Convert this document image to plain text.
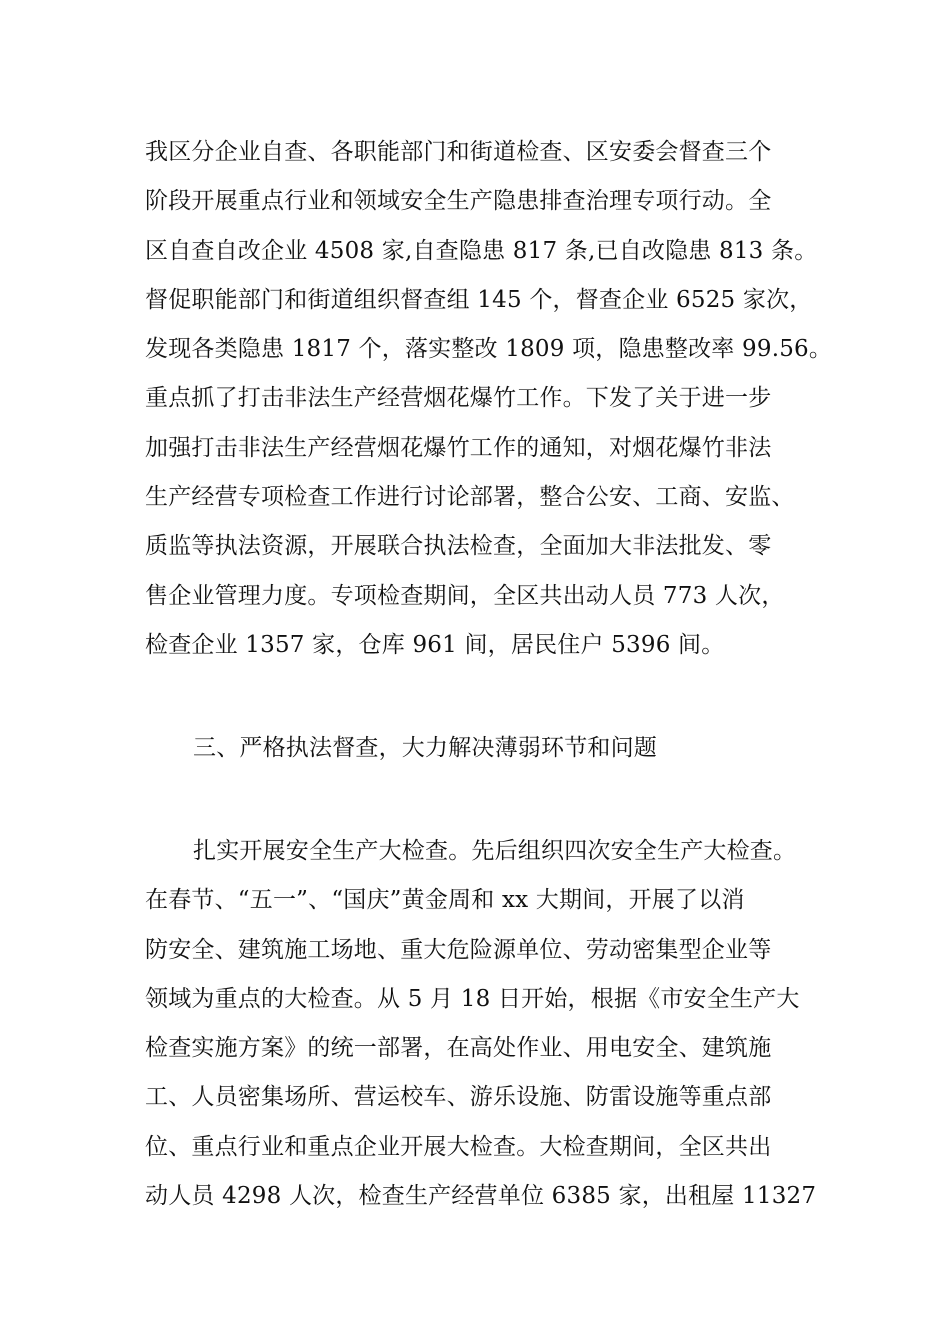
我区分企业自查、各职能部门和街道检查、区安委会督查三个
阶段开展重点行业和领域安全生产隐患排查治理专项行动。全
区自查自改企业 4508 家,自查隐患 817 条,已自改隐患 813 条。
督促职能部门和街道组织督查组 145 个，督查企业 6525 家次，
发现各类隐患 1817 个，落实整改 1809 项，隐患整改率 99.56。
重点抓了打击非法生产经营烟花爆竹工作。下发了关于进一步
加强打击非法生产经营烟花爆竹工作的通知，对烟花爆竹非法
生产经营专项检查工作进行讨论部署，整合公安、工商、安监、
质监等执法资源，开展联合执法检查，全面加大非法批发、零
售企业管理力度。专项检查期间，全区共出动人员 773 人次，
检查企业 1357 家，仓库 961 间，居民住户 5396 间。
三、严格执法督查，大力解决薄弱环节和问题
扎实开展安全生产大检查。先后组织四次安全生产大检查。
在春节、“五一”、“国庆”黄金周和 xx 大期间，开展了以消
防安全、建筑施工场地、重大危险源单位、劳动密集型企业等
领域为重点的大检查。从 5 月 18 日开始，根据《市安全生产大
检查实施方案》的统一部署，在高处作业、用电安全、建筑施
工、人员密集场所、营运校车、游乐设施、防雷设施等重点部
位、重点行业和重点企业开展大检查。大检查期间，全区共出
动人员 4298 人次，检查生产经营单位 6385 家，出租屋 11327
